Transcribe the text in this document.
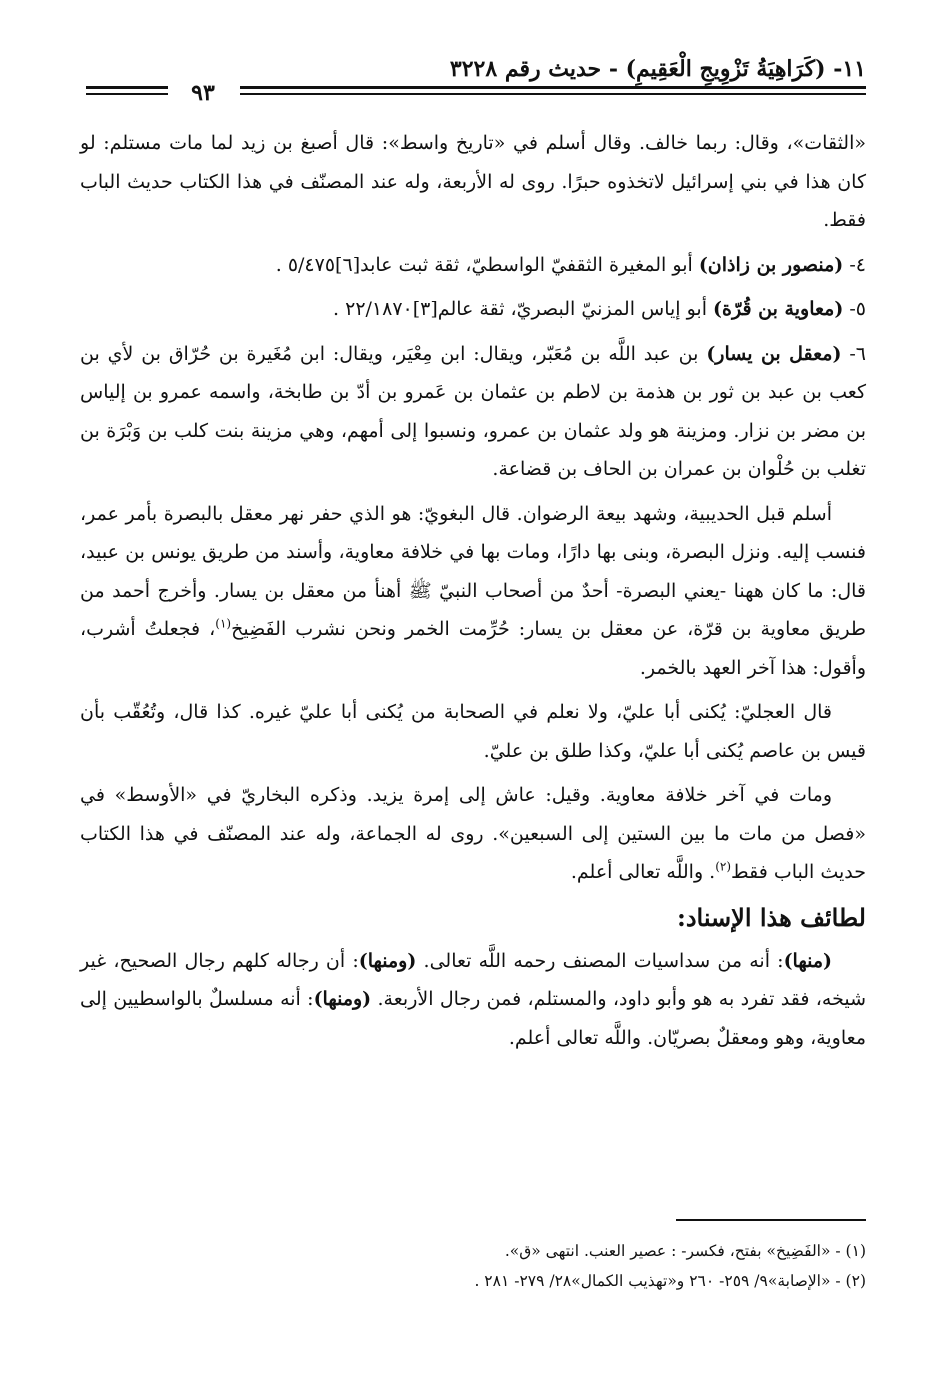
١١- (كَرَاهِيَةُ تَزْوِيجِ الْعَقِيمِ) - حديث رقم ٣٢٢٨
٩٣

«الثقات»، وقال: ربما خالف. وقال أسلم في «تاريخ واسط»: قال أصبغ بن زيد لما مات مستلم: لو كان هذا في بني إسرائيل لاتخذوه حبرًا. روى له الأربعة، وله عند المصنّف في هذا الكتاب حديث الباب فقط.

٤- (منصور بن زاذان) أبو المغيرة الثقفيّ الواسطيّ، ثقة ثبت عابد[٦]٥/٤٧٥ .

٥- (معاوية بن قُرّة) أبو إياس المزنيّ البصريّ، ثقة عالم[٣]٢٢/١٨٧٠ .

٦- (معقل بن يسار) بن عبد اللَّه بن مُعَبّر، ويقال: ابن مِعْيَر، ويقال: ابن مُغَيرة بن حُرّاق بن لأي بن كعب بن عبد بن ثور بن هذمة بن لاطم بن عثمان بن عَمرو بن أدّ بن طابخة، واسمه عمرو بن إلياس بن مضر بن نزار. ومزينة هو ولد عثمان بن عمرو، ونسبوا إلى أمهم، وهي مزينة بنت كلب بن وَبْرَة بن تغلب بن حُلْوان بن عمران بن الحاف بن قضاعة.

أسلم قبل الحديبية، وشهد بيعة الرضوان. قال البغويّ: هو الذي حفر نهر معقل بالبصرة بأمر عمر، فنسب إليه. ونزل البصرة، وبنى بها دارًا، ومات بها في خلافة معاوية، وأسند من طريق يونس بن عبيد، قال: ما كان ههنا -يعني البصرة- أحدٌ من أصحاب النبيّ ﷺ أهنأ من معقل بن يسار. وأخرج أحمد من طريق معاوية بن قرّة، عن معقل بن يسار: حُرِّمت الخمر ونحن نشرب الفَضِيخ$^{(١)}$، فجعلتُ أشرب، وأقول: هذا آخر العهد بالخمر.

قال العجليّ: يُكنى أبا عليّ، ولا نعلم في الصحابة من يُكنى أبا عليّ غيره. كذا قال، وتُعُقّب بأن قيس بن عاصم يُكنى أبا عليّ، وكذا طلق بن عليّ.

ومات في آخر خلافة معاوية. وقيل: عاش إلى إمرة يزيد. وذكره البخاريّ في «الأوسط» في «فصل من مات ما بين الستين إلى السبعين». روى له الجماعة، وله عند المصنّف في هذا الكتاب حديث الباب فقط$^{(٢)}$. واللَّه تعالى أعلم.

لطائف هذا الإسناد:

(منها): أنه من سداسيات المصنف رحمه اللَّه تعالى. (ومنها): أن رجاله كلهم رجال الصحيح، غير شيخه، فقد تفرد به هو وأبو داود، والمستلم، فمن رجال الأربعة. (ومنها): أنه مسلسلٌ بالواسطيين إلى معاوية، وهو ومعقلٌ بصريّان. واللَّه تعالى أعلم.

(١) - «الفَضِيخ» بفتح، فكسر- : عصير العنب. انتهى «ق».

(٢) - «الإصابة»٩/ ٢٥٩- ٢٦٠ و«تهذيب الكمال»٢٨/ ٢٧٩- ٢٨١ .
